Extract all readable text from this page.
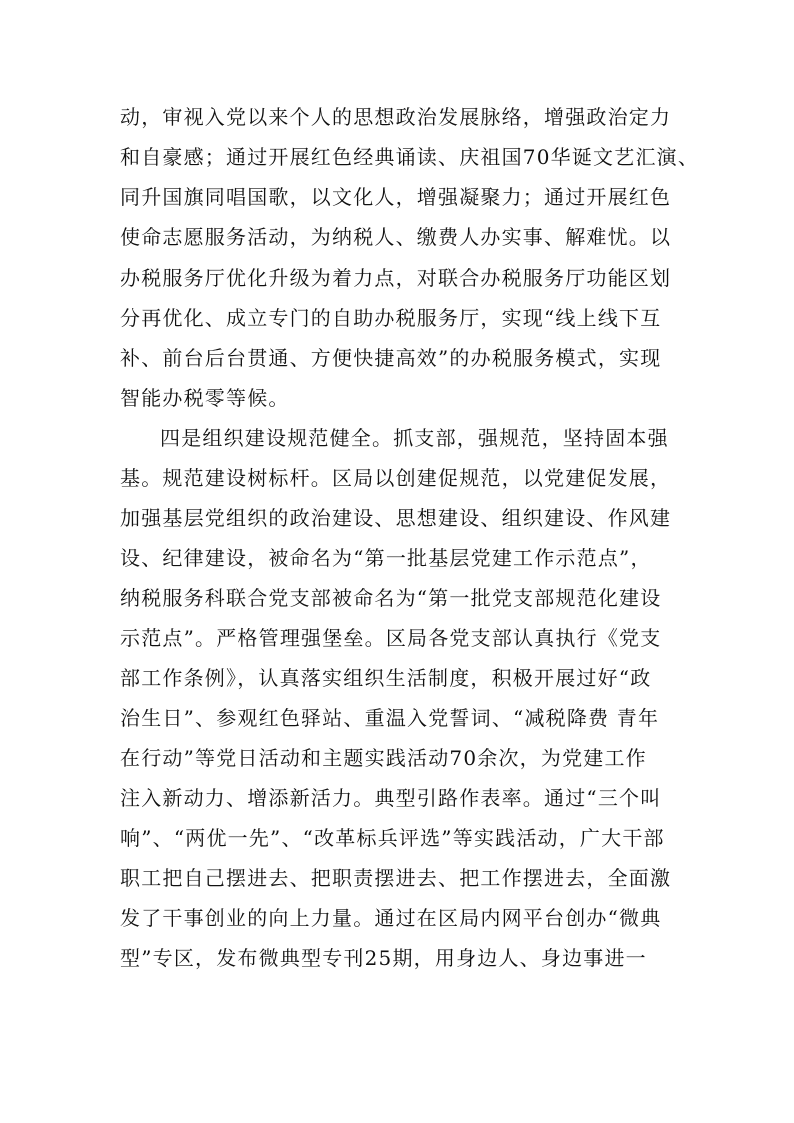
动，审视入党以来个人的思想政治发展脉络，增强政治定力
和自豪感；通过开展红色经典诵读、庆祖国70华诞文艺汇演、
同升国旗同唱国歌，以文化人，增强凝聚力；通过开展红色
使命志愿服务活动，为纳税人、缴费人办实事、解难忧。以
办税服务厅优化升级为着力点，对联合办税服务厅功能区划
分再优化、成立专门的自助办税服务厅，实现“线上线下互
补、前台后台贯通、方便快捷高效”的办税服务模式，实现
智能办税零等候。
四是组织建设规范健全。抓支部，强规范，坚持固本强
基。规范建设树标杆。区局以创建促规范，以党建促发展，
加强基层党组织的政治建设、思想建设、组织建设、作风建
设、纪律建设，被命名为“第一批基层党建工作示范点”，
纳税服务科联合党支部被命名为“第一批党支部规范化建设
示范点”。严格管理强堡垒。区局各党支部认真执行《党支
部工作条例》，认真落实组织生活制度，积极开展过好“政
治生日”、参观红色驿站、重温入党誓词、“减税降费 青年
在行动”等党日活动和主题实践活动70余次，为党建工作
注入新动力、增添新活力。典型引路作表率。通过“三个叫
响”、“两优一先”、“改革标兵评选”等实践活动，广大干部
职工把自己摆进去、把职责摆进去、把工作摆进去，全面激
发了干事创业的向上力量。通过在区局内网平台创办“微典
型”专区，发布微典型专刊25期，用身边人、身边事进一
